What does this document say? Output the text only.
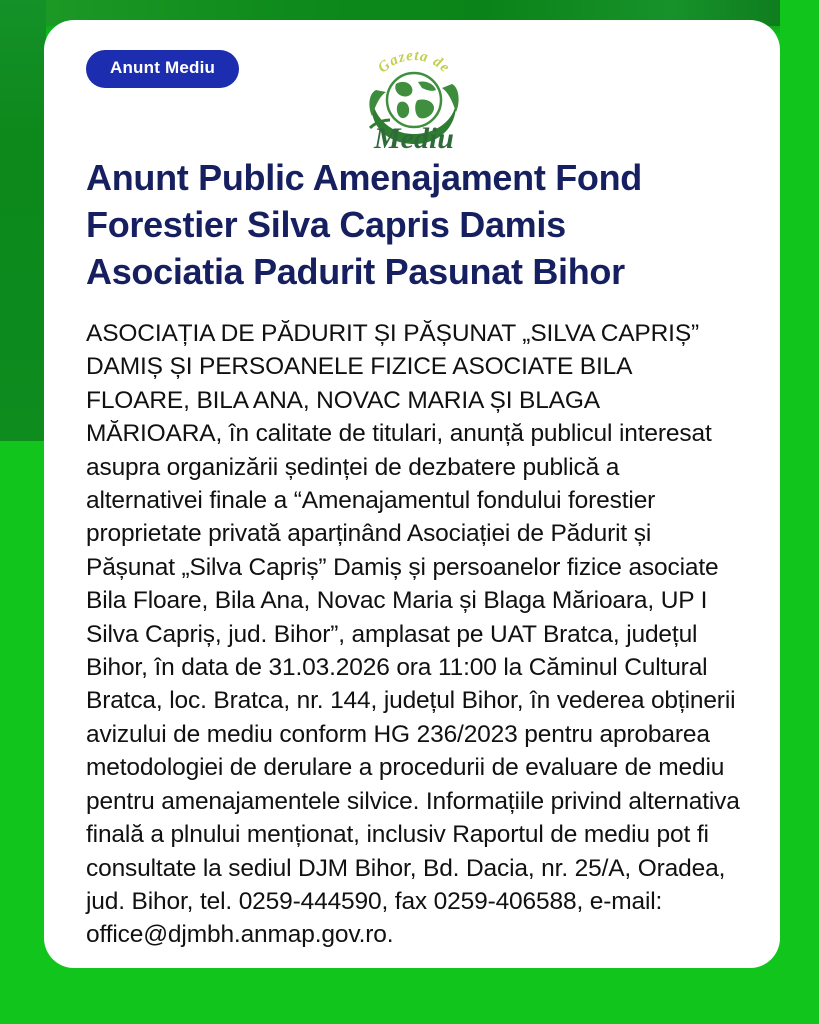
Anunt Mediu	Gazeta de
Mediu
Anunt Public Amenajament Fond Forestier Silva Capris Damis Asociatia Padurit Pasunat Bihor

ASOCIAȚIA DE PĂDURIT ȘI PĂȘUNAT „SILVA CAPRIȘ” DAMIȘ ȘI PERSOANELE FIZICE ASOCIATE BILA FLOARE, BILA ANA, NOVAC MARIA ȘI BLAGA MĂRIOARA, în calitate de titulari, anunță publicul interesat asupra organizării ședinței de dezbatere publică a alternativei finale a “Amenajamentul fondului forestier proprietate privată aparținând Asociației de Pădurit și Pășunat „Silva Capriș” Damiș și persoanelor fizice asociate Bila Floare, Bila Ana, Novac Maria și Blaga Mărioara, UP I Silva Capriș, jud. Bihor”, amplasat pe UAT Bratca, județul Bihor, în data de 31.03.2026 ora 11:00 la Căminul Cultural Bratca, loc. Bratca, nr. 144, județul Bihor, în vederea obținerii avizului de mediu conform HG 236/2023 pentru aprobarea metodologiei de derulare a procedurii de evaluare de mediu pentru amenajamentele silvice. Informațiile privind alternativa finală a plnului menționat, inclusiv Raportul de mediu pot fi consultate la sediul DJM Bihor, Bd. Dacia, nr. 25/A, Oradea, jud. Bihor, tel. 0259-444590, fax 0259-406588, e-mail: office@djmbh.anmap.gov.ro.
